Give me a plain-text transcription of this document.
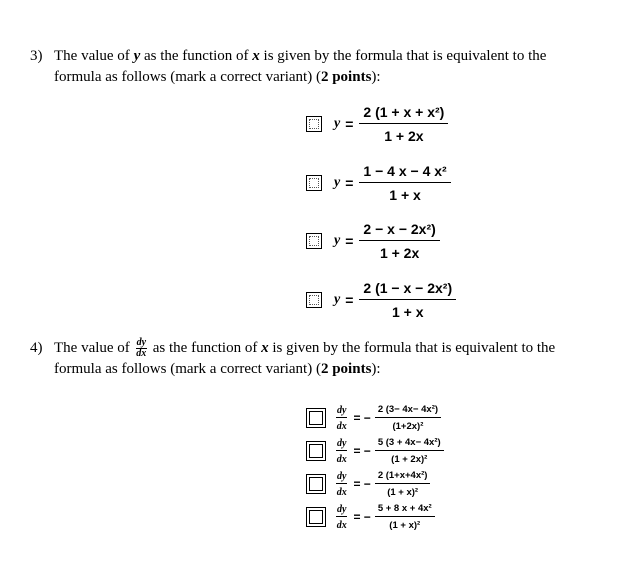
3) The value of y as the function of x is given by the formula that is equivalent to the
formula as follows (mark a correct variant) (2 points):
$y = \frac{\text{2 (1 + x + x²)}}{1 + 2x}$
$y = \frac{\text{1 − 4 x − 4 x²}}{1 + x}$
$y = \frac{\text{2 − x − 2x²)}}{1 + 2x}$
$y = \frac{\text{2 (1 − x − 2x²)}}{1 + x}$
4) The value of $\frac{dy}{dx}$ as the function of x is given by the formula that is equivalent to the
formula as follows (mark a correct variant) (2 points):
$\frac{dy}{dx}$ = − $\frac{\text{2 (3− 4x− 4x²)}}{\text{(1+2x)²}}$
$\frac{dy}{dx}$ = − $\frac{\text{5 (3 + 4x− 4x²)}}{\text{(1 + 2x)²}}$
$\frac{dy}{dx}$ = − $\frac{\text{2 (1+x+4x²)}}{\text{(1 + x)²}}$
$\frac{dy}{dx}$ = − $\frac{\text{5 + 8 x + 4x²}}{\text{(1 + x)²}}$
